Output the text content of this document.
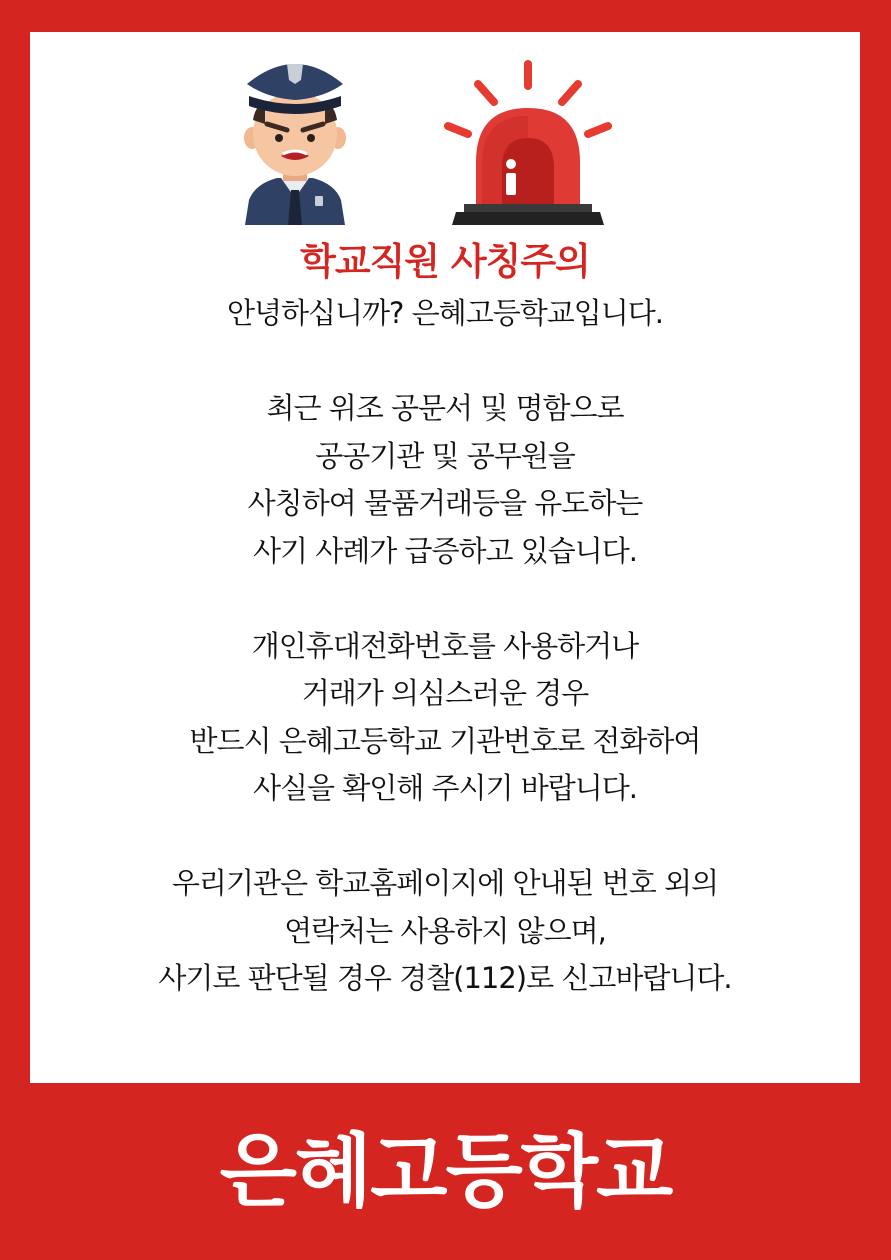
학교직원 사칭주의
안녕하십니까? 은혜고등학교입니다.
최근 위조 공문서 및 명함으로
공공기관 및 공무원을
사칭하여 물품거래등을 유도하는
사기 사례가 급증하고 있습니다.
개인휴대전화번호를 사용하거나
거래가 의심스러운 경우
반드시 은혜고등학교 기관번호로 전화하여
사실을 확인해 주시기 바랍니다.
우리기관은 학교홈페이지에 안내된 번호 외의
연락처는 사용하지 않으며,
사기로 판단될 경우 경찰(112)로 신고바랍니다.
은혜고등학교
